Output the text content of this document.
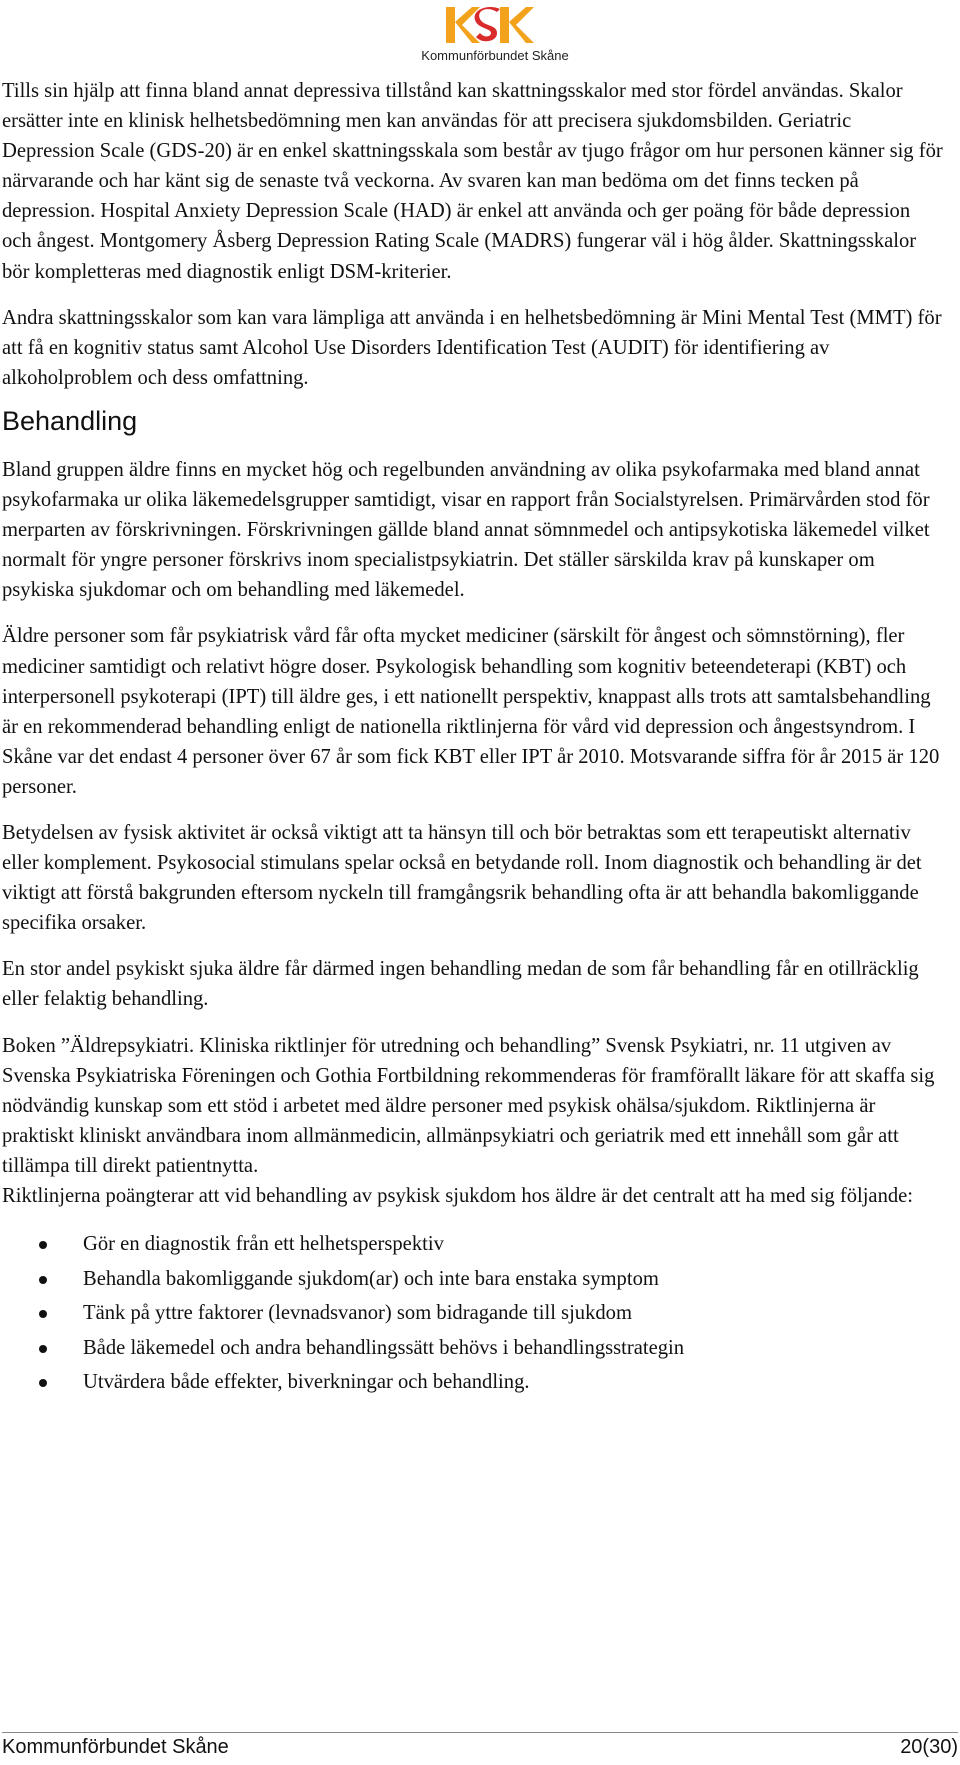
Kommunförbundet Skåne

Tills sin hjälp att finna bland annat depressiva tillstånd kan skattningsskalor med stor fördel användas. Skalor ersätter inte en klinisk helhetsbedömning men kan användas för att precisera sjukdomsbilden. Geriatric Depression Scale (GDS-20) är en enkel skattningsskala som består av tjugo frågor om hur personen känner sig för närvarande och har känt sig de senaste två veckorna. Av svaren kan man bedöma om det finns tecken på depression. Hospital Anxiety Depression Scale (HAD) är enkel att använda och ger poäng för både depression och ångest. Montgomery Åsberg Depression Rating Scale (MADRS) fungerar väl i hög ålder. Skattningsskalor bör kompletteras med diagnostik enligt DSM-kriterier.

Andra skattningsskalor som kan vara lämpliga att använda i en helhetsbedömning är Mini Mental Test (MMT) för att få en kognitiv status samt Alcohol Use Disorders Identification Test (AUDIT) för identifiering av alkoholproblem och dess omfattning.

Behandling

Bland gruppen äldre finns en mycket hög och regelbunden användning av olika psykofarmaka med bland annat psykofarmaka ur olika läkemedelsgrupper samtidigt, visar en rapport från Socialstyrelsen. Primärvården stod för merparten av förskrivningen. Förskrivningen gällde bland annat sömnmedel och antipsykotiska läkemedel vilket normalt för yngre personer förskrivs inom specialistpsykiatrin. Det ställer särskilda krav på kunskaper om psykiska sjukdomar och om behandling med läkemedel.

Äldre personer som får psykiatrisk vård får ofta mycket mediciner (särskilt för ångest och sömnstörning), fler mediciner samtidigt och relativt högre doser. Psykologisk behandling som kognitiv beteendeterapi (KBT) och interpersonell psykoterapi (IPT) till äldre ges, i ett nationellt perspektiv, knappast alls trots att samtalsbehandling är en rekommenderad behandling enligt de nationella riktlinjerna för vård vid depression och ångestsyndrom. I Skåne var det endast 4 personer över 67 år som fick KBT eller IPT år 2010. Motsvarande siffra för år 2015 är 120 personer.

Betydelsen av fysisk aktivitet är också viktigt att ta hänsyn till och bör betraktas som ett terapeutiskt alternativ eller komplement. Psykosocial stimulans spelar också en betydande roll. Inom diagnostik och behandling är det viktigt att förstå bakgrunden eftersom nyckeln till framgångsrik behandling ofta är att behandla bakomliggande specifika orsaker.

En stor andel psykiskt sjuka äldre får därmed ingen behandling medan de som får behandling får en otillräcklig eller felaktig behandling.

Boken ”Äldrepsykiatri. Kliniska riktlinjer för utredning och behandling” Svensk Psykiatri, nr. 11 utgiven av Svenska Psykiatriska Föreningen och Gothia Fortbildning rekommenderas för framförallt läkare för att skaffa sig nödvändig kunskap som ett stöd i arbetet med äldre personer med psykisk ohälsa/sjukdom. Riktlinjerna är praktiskt kliniskt användbara inom allmänmedicin, allmänpsykiatri och geriatrik med ett innehåll som går att tillämpa till direkt patientnytta.

Riktlinjerna poängterar att vid behandling av psykisk sjukdom hos äldre är det centralt att ha med sig följande:

Gör en diagnostik från ett helhetsperspektiv
Behandla bakomliggande sjukdom(ar) och inte bara enstaka symptom
Tänk på yttre faktorer (levnadsvanor) som bidragande till sjukdom
Både läkemedel och andra behandlingssätt behövs i behandlingsstrategin
Utvärdera både effekter, biverkningar och behandling.
Kommunförbundet Skåne	20(30)
